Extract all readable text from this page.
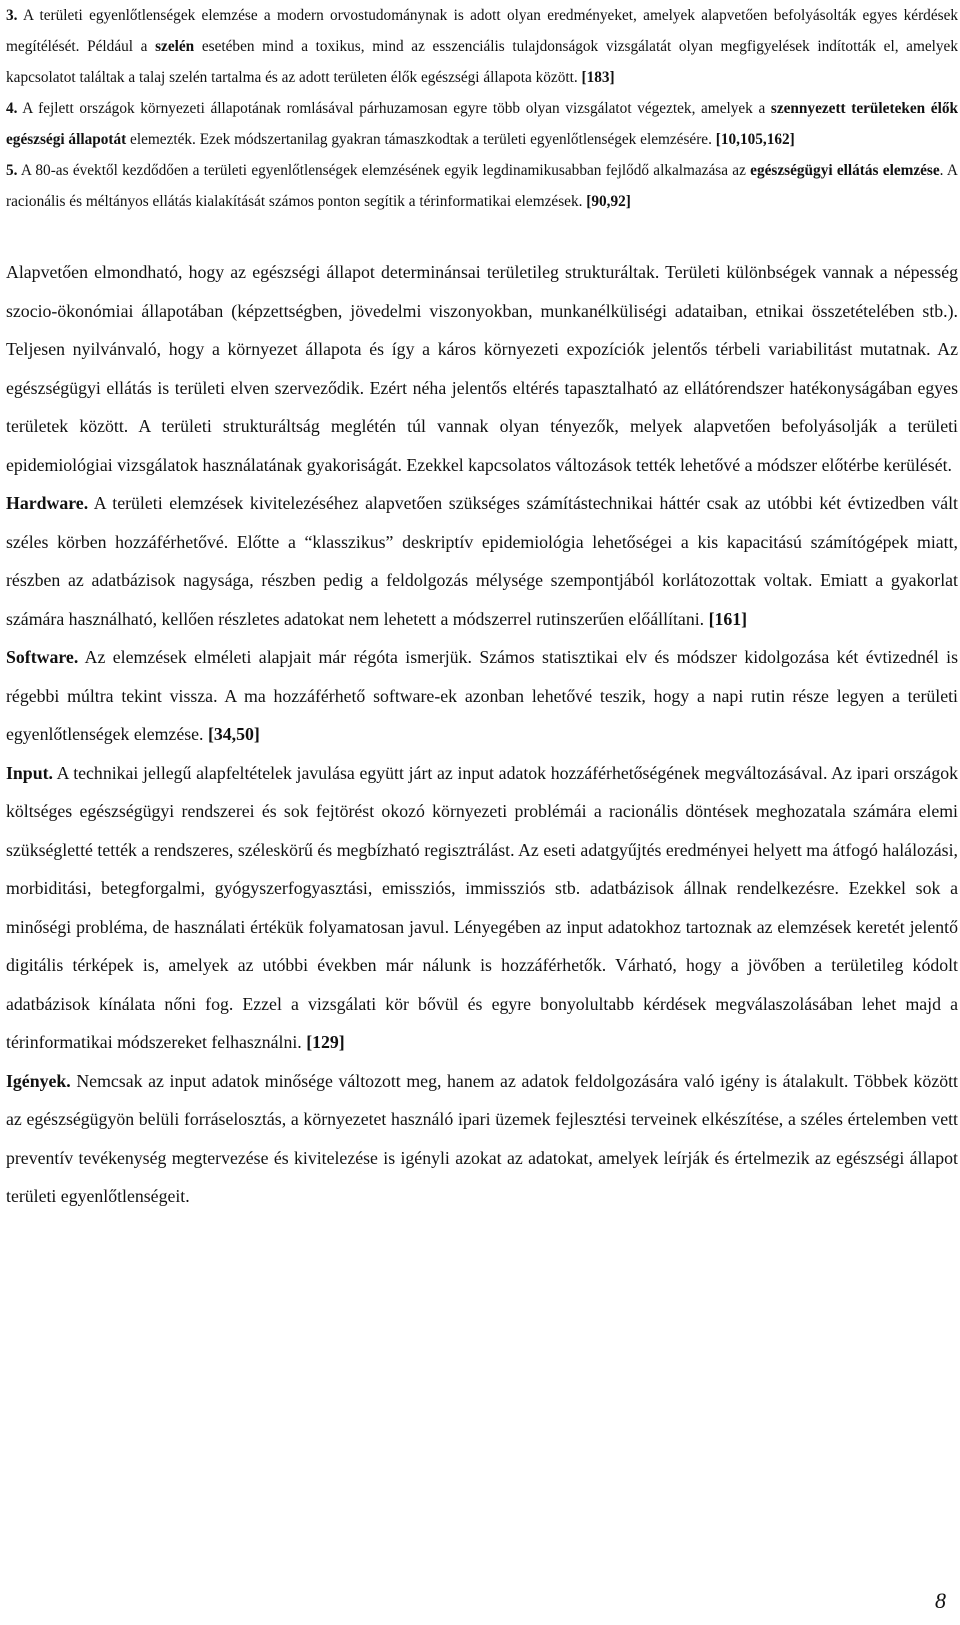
3. A területi egyenlőtlenségek elemzése a modern orvostudománynak is adott olyan eredményeket, amelyek alapvetően befolyásolták egyes kérdések megítélését. Például a szelén esetében mind a toxikus, mind az esszenciális tulajdonságok vizsgálatát olyan megfigyelések indították el, amelyek kapcsolatot találtak a talaj szelén tartalma és az adott területen élők egészségi állapota között. [183]

4. A fejlett országok környezeti állapotának romlásával párhuzamosan egyre több olyan vizsgálatot végeztek, amelyek a szennyezett területeken élők egészségi állapotát elemezték. Ezek módszertanilag gyakran támaszkodtak a területi egyenlőtlenségek elemzésére. [10,105,162]

5. A 80-as évektől kezdődően a területi egyenlőtlenségek elemzésének egyik legdinamikusabban fejlődő alkalmazása az egészségügyi ellátás elemzése. A racionális és méltányos ellátás kialakítását számos ponton segítik a térinformatikai elemzések. [90,92]

Alapvetően elmondható, hogy az egészségi állapot determinánsai területileg strukturáltak. Területi különbségek vannak a népesség szocio-ökonómiai állapotában (képzettségben, jövedelmi viszonyokban, munkanélküliségi adataiban, etnikai összetételében stb.). Teljesen nyilvánvaló, hogy a környezet állapota és így a káros környezeti expozíciók jelentős térbeli variabilitást mutatnak. Az egészségügyi ellátás is területi elven szerveződik. Ezért néha jelentős eltérés tapasztalható az ellátórendszer hatékonyságában egyes területek között. A területi strukturáltság meglétén túl vannak olyan tényezők, melyek alapvetően befolyásolják a területi epidemiológiai vizsgálatok használatának gyakoriságát. Ezekkel kapcsolatos változások tették lehetővé a módszer előtérbe kerülését.

Hardware. A területi elemzések kivitelezéséhez alapvetően szükséges számítástechnikai háttér csak az utóbbi két évtizedben vált széles körben hozzáférhetővé. Előtte a “klasszikus” deskriptív epidemiológia lehetőségei a kis kapacitású számítógépek miatt, részben az adatbázisok nagysága, részben pedig a feldolgozás mélysége szempontjából korlátozottak voltak. Emiatt a gyakorlat számára használható, kellően részletes adatokat nem lehetett a módszerrel rutinszerűen előállítani. [161]

Software. Az elemzések elméleti alapjait már régóta ismerjük. Számos statisztikai elv és módszer kidolgozása két évtizednél is régebbi múltra tekint vissza. A ma hozzáférhető software-ek azonban lehetővé teszik, hogy a napi rutin része legyen a területi egyenlőtlenségek elemzése. [34,50]

Input. A technikai jellegű alapfeltételek javulása együtt járt az input adatok hozzáférhetőségének megváltozásával. Az ipari országok költséges egészségügyi rendszerei és sok fejtörést okozó környezeti problémái a racionális döntések meghozatala számára elemi szükségletté tették a rendszeres, széleskörű és megbízható regisztrálást. Az eseti adatgyűjtés eredményei helyett ma átfogó halálozási, morbiditási, betegforgalmi, gyógyszerfogyasztási, emissziós, immissziós stb. adatbázisok állnak rendelkezésre. Ezekkel sok a minőségi probléma, de használati értékük folyamatosan javul. Lényegében az input adatokhoz tartoznak az elemzések keretét jelentő digitális térképek is, amelyek az utóbbi években már nálunk is hozzáférhetők. Várható, hogy a jövőben a területileg kódolt adatbázisok kínálata nőni fog. Ezzel a vizsgálati kör bővül és egyre bonyolultabb kérdések megválaszolásában lehet majd a térinformatikai módszereket felhasználni. [129]

Igények. Nemcsak az input adatok minősége változott meg, hanem az adatok feldolgozására való igény is átalakult. Többek között az egészségügyön belüli forráselosztás, a környezetet használó ipari üzemek fejlesztési terveinek elkészítése, a széles értelemben vett preventív tevékenység megtervezése és kivitelezése is igényli azokat az adatokat, amelyek leírják és értelmezik az egészségi állapot területi egyenlőtlenségeit.

8
